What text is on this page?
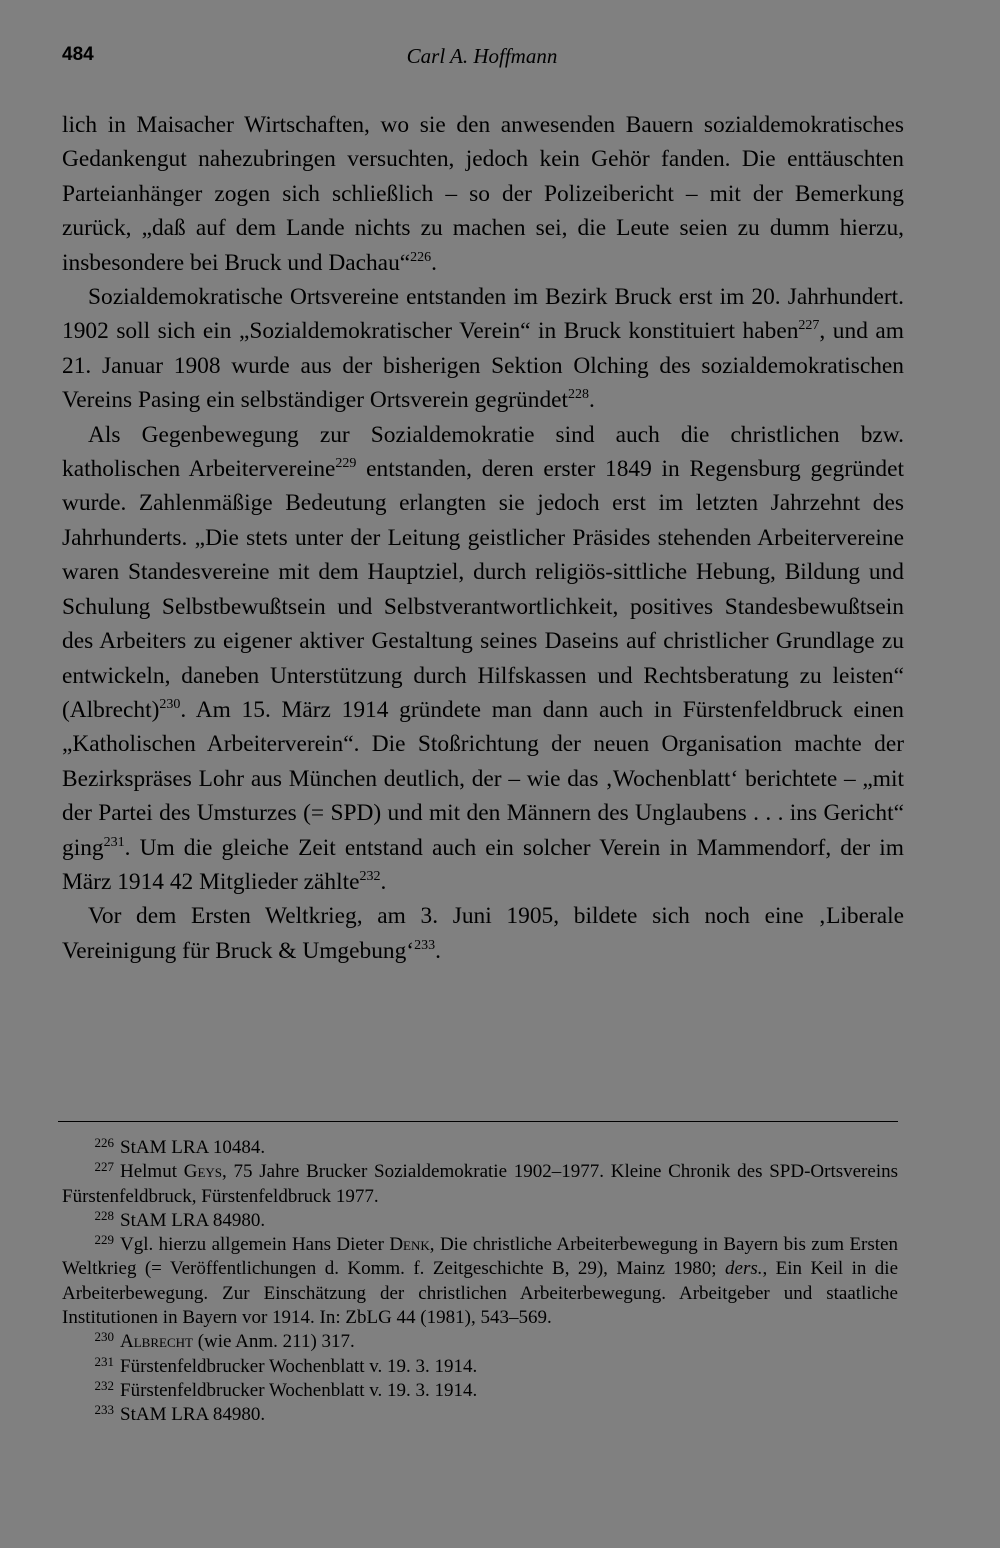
484	Carl A. Hoffmann

lich in Maisacher Wirtschaften, wo sie den anwesenden Bauern sozialdemokratisches Gedankengut nahezubringen versuchten, jedoch kein Gehör fanden. Die enttäuschten Parteianhänger zogen sich schließlich – so der Polizeibericht – mit der Bemerkung zurück, „daß auf dem Lande nichts zu machen sei, die Leute seien zu dumm hierzu, insbesondere bei Bruck und Dachau“$^{226}$.

Sozialdemokratische Ortsvereine entstanden im Bezirk Bruck erst im 20. Jahrhundert. 1902 soll sich ein „Sozialdemokratischer Verein“ in Bruck konstituiert haben$^{227}$, und am 21. Januar 1908 wurde aus der bisherigen Sektion Olching des sozialdemokratischen Vereins Pasing ein selbständiger Ortsverein gegründet$^{228}$.

Als Gegenbewegung zur Sozialdemokratie sind auch die christlichen bzw. katholischen Arbeitervereine$^{229}$ entstanden, deren erster 1849 in Regensburg gegründet wurde. Zahlenmäßige Bedeutung erlangten sie jedoch erst im letzten Jahrzehnt des Jahrhunderts. „Die stets unter der Leitung geistlicher Präsides stehenden Arbeitervereine waren Standesvereine mit dem Hauptziel, durch religiös-sittliche Hebung, Bildung und Schulung Selbstbewußtsein und Selbstverantwortlichkeit, positives Standesbewußtsein des Arbeiters zu eigener aktiver Gestaltung seines Daseins auf christlicher Grundlage zu entwickeln, daneben Unterstützung durch Hilfskassen und Rechtsberatung zu leisten“ (Albrecht)$^{230}$. Am 15. März 1914 gründete man dann auch in Fürstenfeldbruck einen „Katholischen Arbeiterverein“. Die Stoßrichtung der neuen Organisation machte der Bezirkspräses Lohr aus München deutlich, der – wie das ‚Wochenblatt‘ berichtete – „mit der Partei des Umsturzes (= SPD) und mit den Männern des Unglaubens . . . ins Gericht“ ging$^{231}$. Um die gleiche Zeit entstand auch ein solcher Verein in Mammendorf, der im März 1914 42 Mitglieder zählte$^{232}$.

Vor dem Ersten Weltkrieg, am 3. Juni 1905, bildete sich noch eine ‚Liberale Vereinigung für Bruck & Umgebung‘$^{233}$.

226 StAM LRA 10484.

227 Helmut Geys, 75 Jahre Brucker Sozialdemokratie 1902–1977. Kleine Chronik des SPD-Ortsvereins Fürstenfeldbruck, Fürstenfeldbruck 1977.

228 StAM LRA 84980.

229 Vgl. hierzu allgemein Hans Dieter Denk, Die christliche Arbeiterbewegung in Bayern bis zum Ersten Weltkrieg (= Veröffentlichungen d. Komm. f. Zeitgeschichte B, 29), Mainz 1980; ders., Ein Keil in die Arbeiterbewegung. Zur Einschätzung der christlichen Arbeiterbewegung. Arbeitgeber und staatliche Institutionen in Bayern vor 1914. In: ZbLG 44 (1981), 543–569.

230 Albrecht (wie Anm. 211) 317.

231 Fürstenfeldbrucker Wochenblatt v. 19. 3. 1914.

232 Fürstenfeldbrucker Wochenblatt v. 19. 3. 1914.

233 StAM LRA 84980.
